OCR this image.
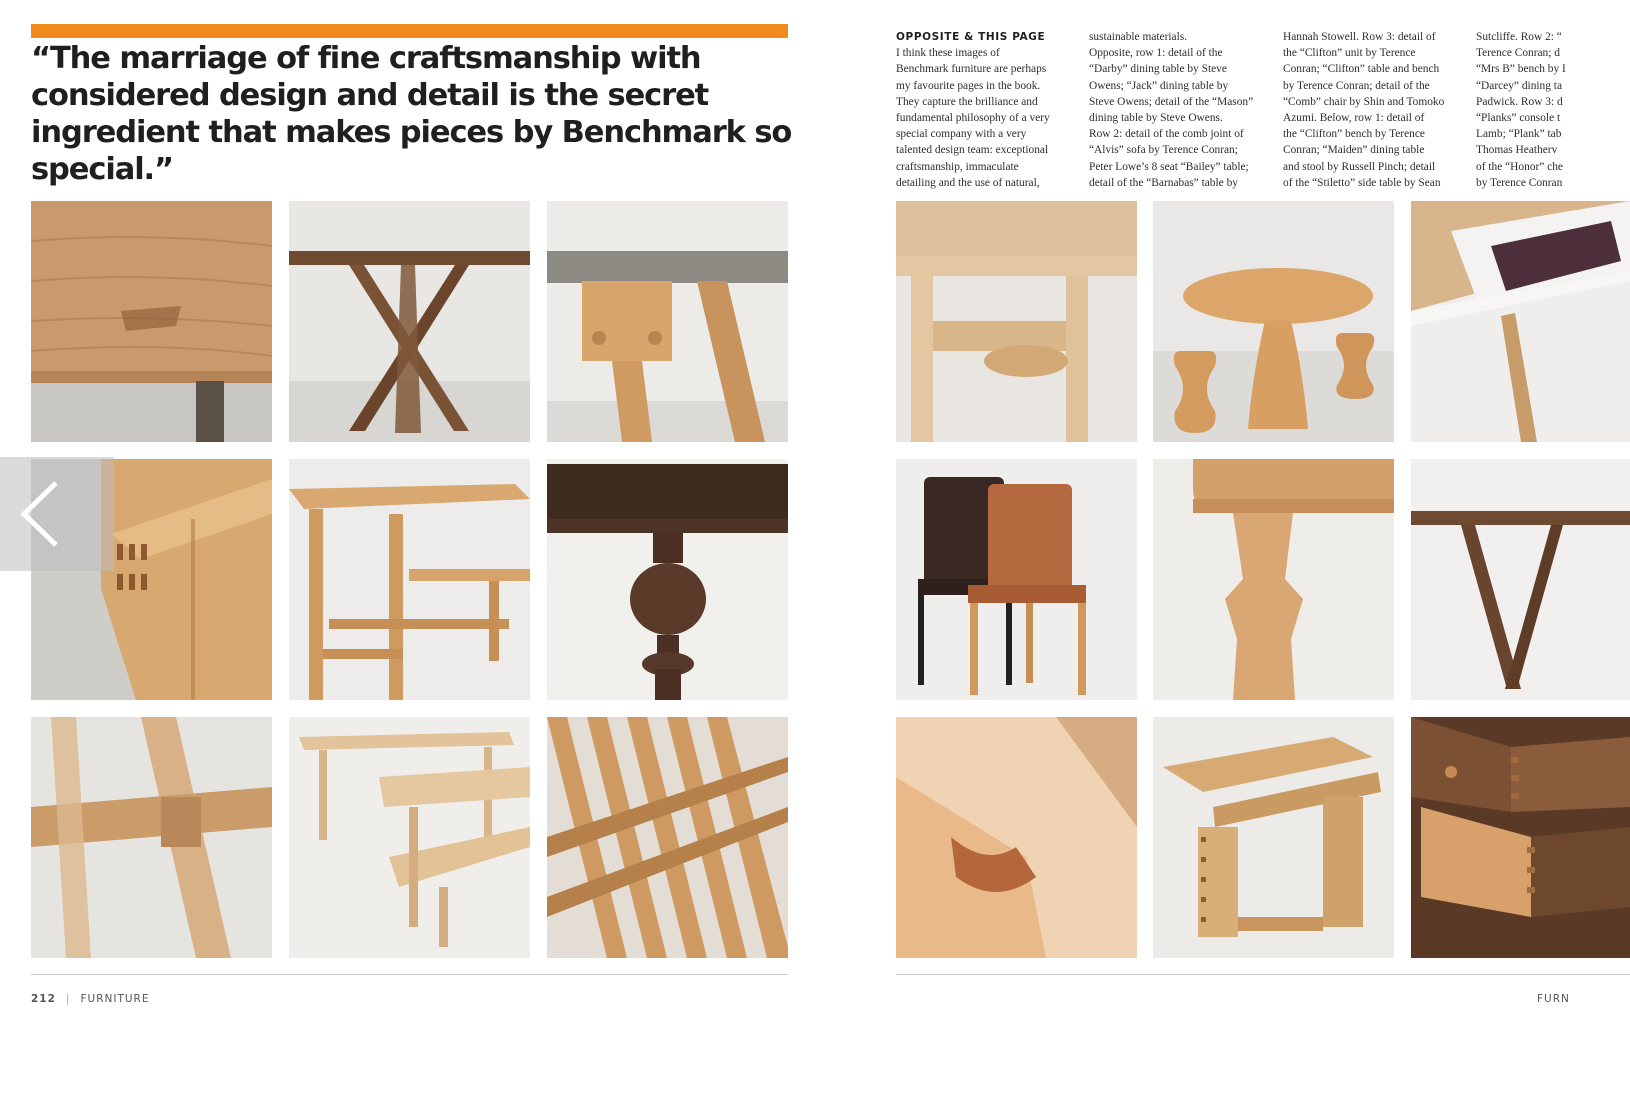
“The marriage of fine craftsmanship with considered design and detail is the secret ingredient that makes pieces by Benchmark so special.”

212 | FURNITURE
OPPOSITE & THIS PAGE
I think these images of
Benchmark furniture are perhaps
my favourite pages in the book.
They capture the brilliance and
fundamental philosophy of a very
special company with a very
talented design team: exceptional
craftsmanship, immaculate
detailing and the use of natural,
sustainable materials.
Opposite, row 1: detail of the
“Darby” dining table by Steve
Owens; “Jack” dining table by
Steve Owens; detail of the “Mason”
dining table by Steve Owens.
Row 2: detail of the comb joint of
“Alvis” sofa by Terence Conran;
Peter Lowe’s 8 seat “Bailey” table;
detail of the “Barnabas” table by
Hannah Stowell. Row 3: detail of
the “Clifton” unit by Terence
Conran; “Clifton” table and bench
by Terence Conran; detail of the
“Comb” chair by Shin and Tomoko
Azumi. Below, row 1: detail of
the “Clifton” bench by Terence
Conran; “Maiden” dining table
and stool by Russell Pinch; detail
of the “Stiletto” side table by Sean
Sutcliffe. Row 2: “
Terence Conran; d
“Mrs B” bench by I
“Darcey” dining ta
Padwick. Row 3: d
“Planks” console t
Lamb; “Plank” tab
Thomas Heatherv
of the “Honor” che
by Terence Conran
FURN
